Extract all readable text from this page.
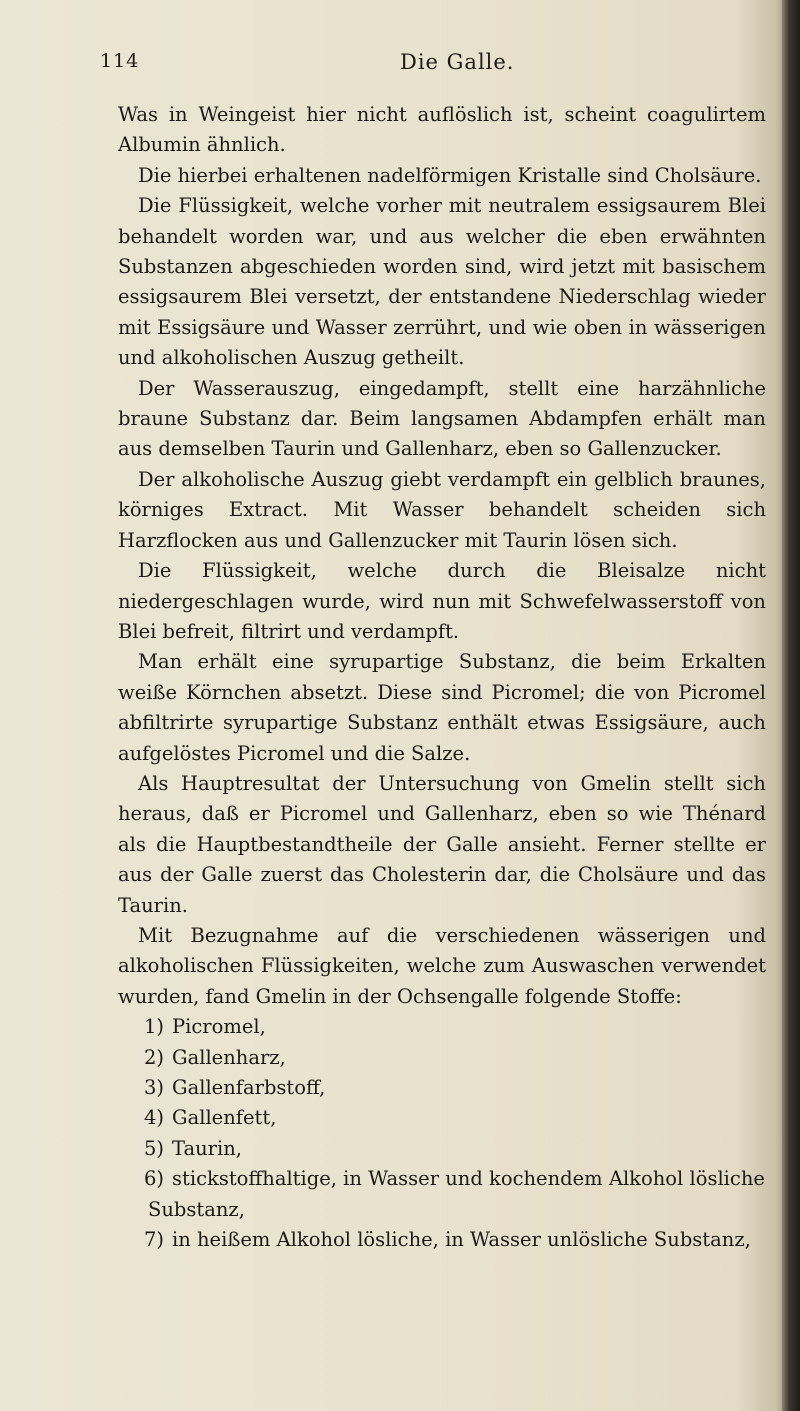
114	Die Galle.

Was in Weingeist hier nicht auflöslich ist, scheint coagulirtem Albumin ähnlich.

Die hierbei erhaltenen nadelförmigen Kristalle sind Cholsäure.

Die Flüssigkeit, welche vorher mit neutralem essigsaurem Blei behandelt worden war, und aus welcher die eben erwähnten Substanzen abgeschieden worden sind, wird jetzt mit basischem essigsaurem Blei versetzt, der entstandene Niederschlag wieder mit Essigsäure und Wasser zerrührt, und wie oben in wässerigen und alkoholischen Auszug getheilt.

Der Wasserauszug, eingedampft, stellt eine harzähnliche braune Substanz dar. Beim langsamen Abdampfen erhält man aus demselben Taurin und Gallenharz, eben so Gallenzucker.

Der alkoholische Auszug giebt verdampft ein gelblich braunes, körniges Extract. Mit Wasser behandelt scheiden sich Harzflocken aus und Gallenzucker mit Taurin lösen sich.

Die Flüssigkeit, welche durch die Bleisalze nicht niedergeschlagen wurde, wird nun mit Schwefelwasserstoff von Blei befreit, filtrirt und verdampft.

Man erhält eine syrupartige Substanz, die beim Erkalten weiße Körnchen absetzt. Diese sind Picromel; die von Picromel abfiltrirte syrupartige Substanz enthält etwas Essigsäure, auch aufgelöstes Picromel und die Salze.

Als Hauptresultat der Untersuchung von Gmelin stellt sich heraus, daß er Picromel und Gallenharz, eben so wie Thénard als die Hauptbestandtheile der Galle ansieht. Ferner stellte er aus der Galle zuerst das Cholesterin dar, die Cholsäure und das Taurin.

Mit Bezugnahme auf die verschiedenen wässerigen und alkoholischen Flüssigkeiten, welche zum Auswaschen verwendet wurden, fand Gmelin in der Ochsengalle folgende Stoffe:

1) Picromel,
2) Gallenharz,
3) Gallenfarbstoff,
4) Gallenfett,
5) Taurin,
6) stickstoffhaltige, in Wasser und kochendem Alkohol lösliche Substanz,
7) in heißem Alkohol lösliche, in Wasser unlösliche Substanz,
